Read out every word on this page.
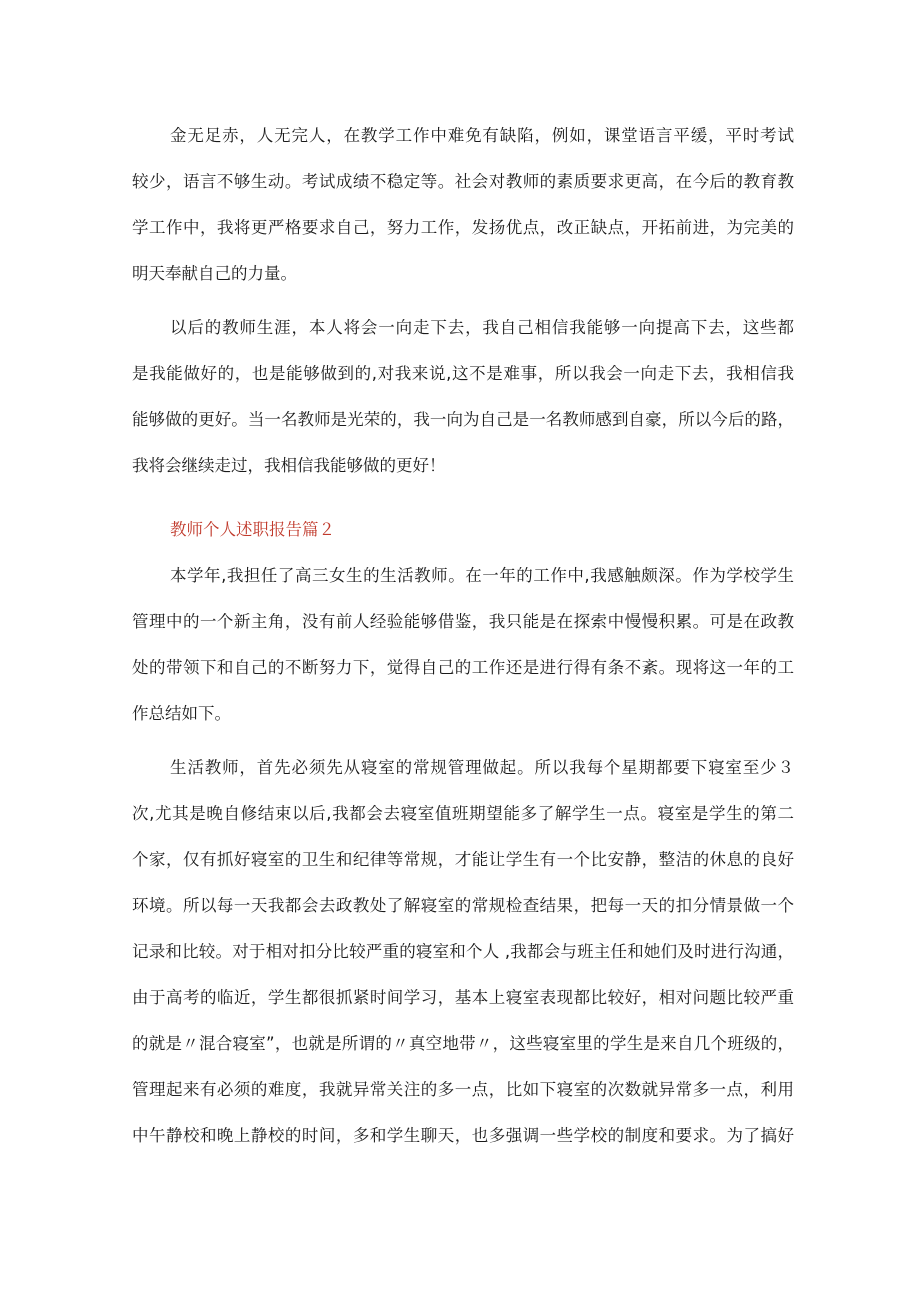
金无足赤，人无完人，在教学工作中难免有缺陷，例如，课堂语言平缓，平时考试
较少，语言不够生动。考试成绩不稳定等。社会对教师的素质要求更高，在今后的教育教
学工作中，我将更严格要求自己，努力工作，发扬优点，改正缺点，开拓前进，为完美的
明天奉献自己的力量。
以后的教师生涯，本人将会一向走下去，我自己相信我能够一向提高下去，这些都
是我能做好的，也是能够做到的,对我来说,这不是难事，所以我会一向走下去，我相信我
能够做的更好。当一名教师是光荣的，我一向为自己是一名教师感到自豪，所以今后的路，
我将会继续走过，我相信我能够做的更好！
教师个人述职报告篇２
本学年,我担任了高三女生的生活教师。在一年的工作中,我感触颇深。作为学校学生
管理中的一个新主角，没有前人经验能够借鉴，我只能是在探索中慢慢积累。可是在政教
处的带领下和自己的不断努力下，觉得自己的工作还是进行得有条不紊。现将这一年的工
作总结如下。
生活教师，首先必须先从寝室的常规管理做起。所以我每个星期都要下寝室至少３
次,尤其是晚自修结束以后,我都会去寝室值班期望能多了解学生一点。寝室是学生的第二
个家，仅有抓好寝室的卫生和纪律等常规，才能让学生有一个比安静，整洁的休息的良好
环境。所以每一天我都会去政教处了解寝室的常规检查结果，把每一天的扣分情景做一个
记录和比较。对于相对扣分比较严重的寝室和个人 ,我都会与班主任和她们及时进行沟通，
由于高考的临近，学生都很抓紧时间学习，基本上寝室表现都比较好，相对问题比较严重
的就是〃混合寝室”，也就是所谓的〃真空地带〃，这些寝室里的学生是来自几个班级的，
管理起来有必须的难度，我就异常关注的多一点，比如下寝室的次数就异常多一点，利用
中午静校和晚上静校的时间，多和学生聊天，也多强调一些学校的制度和要求。为了搞好
